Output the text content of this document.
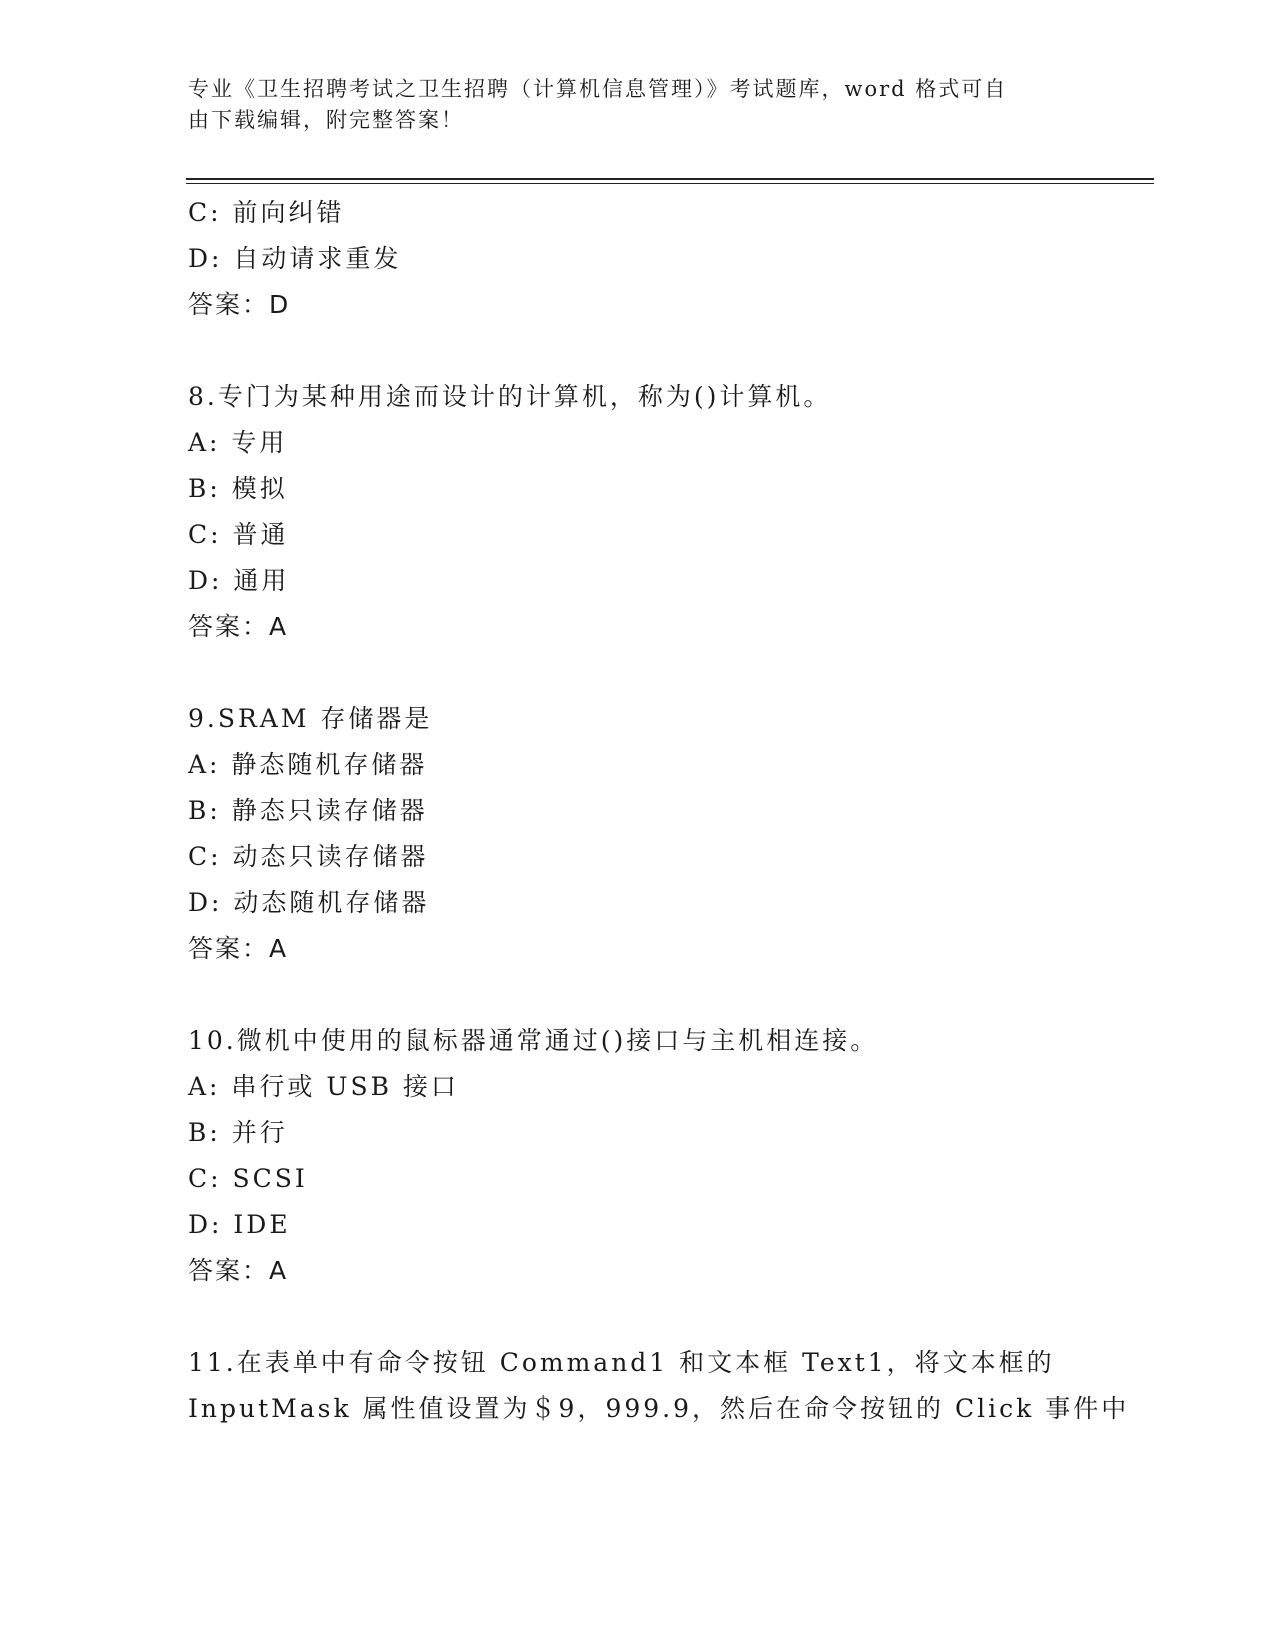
专业《卫生招聘考试之卫生招聘（计算机信息管理）》考试题库，word 格式可自
由下载编辑，附完整答案！
C: 前向纠错
D: 自动请求重发
答案：D
8.专门为某种用途而设计的计算机，称为()计算机。
A: 专用
B: 模拟
C: 普通
D: 通用
答案：A
9.SRAM 存储器是
A: 静态随机存储器
B: 静态只读存储器
C: 动态只读存储器
D: 动态随机存储器
答案：A
10.微机中使用的鼠标器通常通过()接口与主机相连接。
A: 串行或 USB 接口
B: 并行
C: SCSI
D: IDE
答案：A
11.在表单中有命令按钮 Command1 和文本框 Text1，将文本框的
InputMask 属性值设置为＄9，999.9，然后在命令按钮的 Click 事件中
